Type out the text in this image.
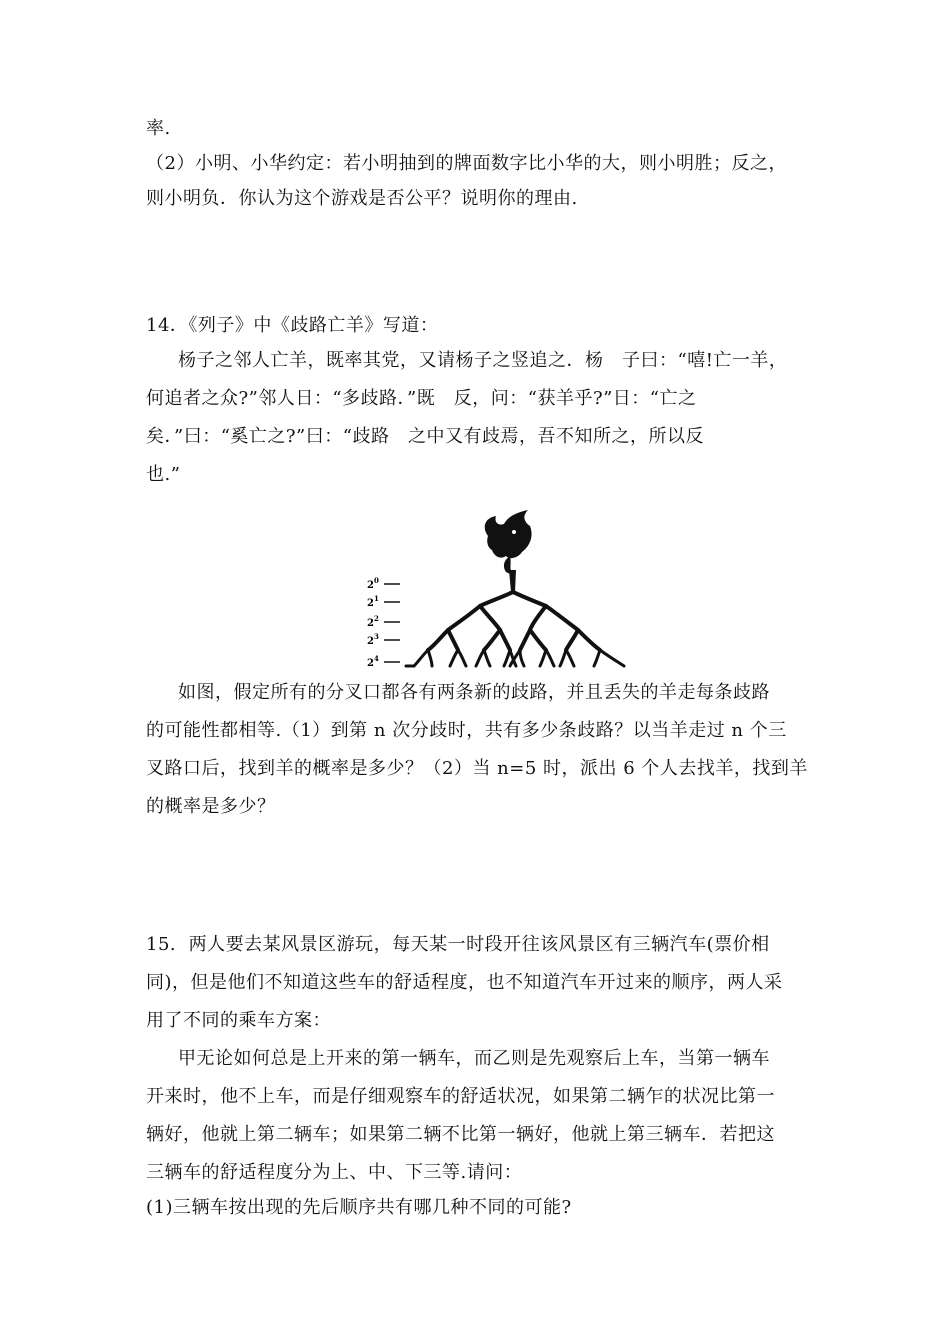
率.
（2）小明、小华约定：若小明抽到的牌面数字比小华的大，则小明胜；反之，
则小明负．你认为这个游戏是否公平？说明你的理由.
14．《列子》中《歧路亡羊》写道：
杨子之邻人亡羊，既率其党，又请杨子之竖追之．杨　子曰：“嘻!亡一羊，
何追者之众?”邻人日：“多歧路．”既　反，问：“获羊乎?”日：“亡之
矣．”曰：“奚亡之?”曰：“歧路　之中又有歧焉，吾不知所之，所以反
也.”
$2^0$
$2^1$
$2^2$
$2^3$
$2^4$
如图，假定所有的分叉口都各有两条新的歧路，并且丢失的羊走每条歧路
的可能性都相等.（1）到第 n 次分歧时，共有多少条歧路？以当羊走过 n 个三
叉路口后，找到羊的概率是多少？（2）当 n=5 时，派出 6 个人去找羊，找到羊
的概率是多少？
15.  两人要去某风景区游玩，每天某一时段开往该风景区有三辆汽车(票价相
同)，但是他们不知道这些车的舒适程度，也不知道汽车开过来的顺序，两人采
用了不同的乘车方案：
甲无论如何总是上开来的第一辆车，而乙则是先观察后上车，当第一辆车
开来时，他不上车，而是仔细观察车的舒适状况，如果第二辆乍的状况比第一
辆好，他就上第二辆车；如果第二辆不比第一辆好，他就上第三辆车．若把这
三辆车的舒适程度分为上、中、下三等.请问：
(1)三辆车按出现的先后顺序共有哪几种不同的可能?
